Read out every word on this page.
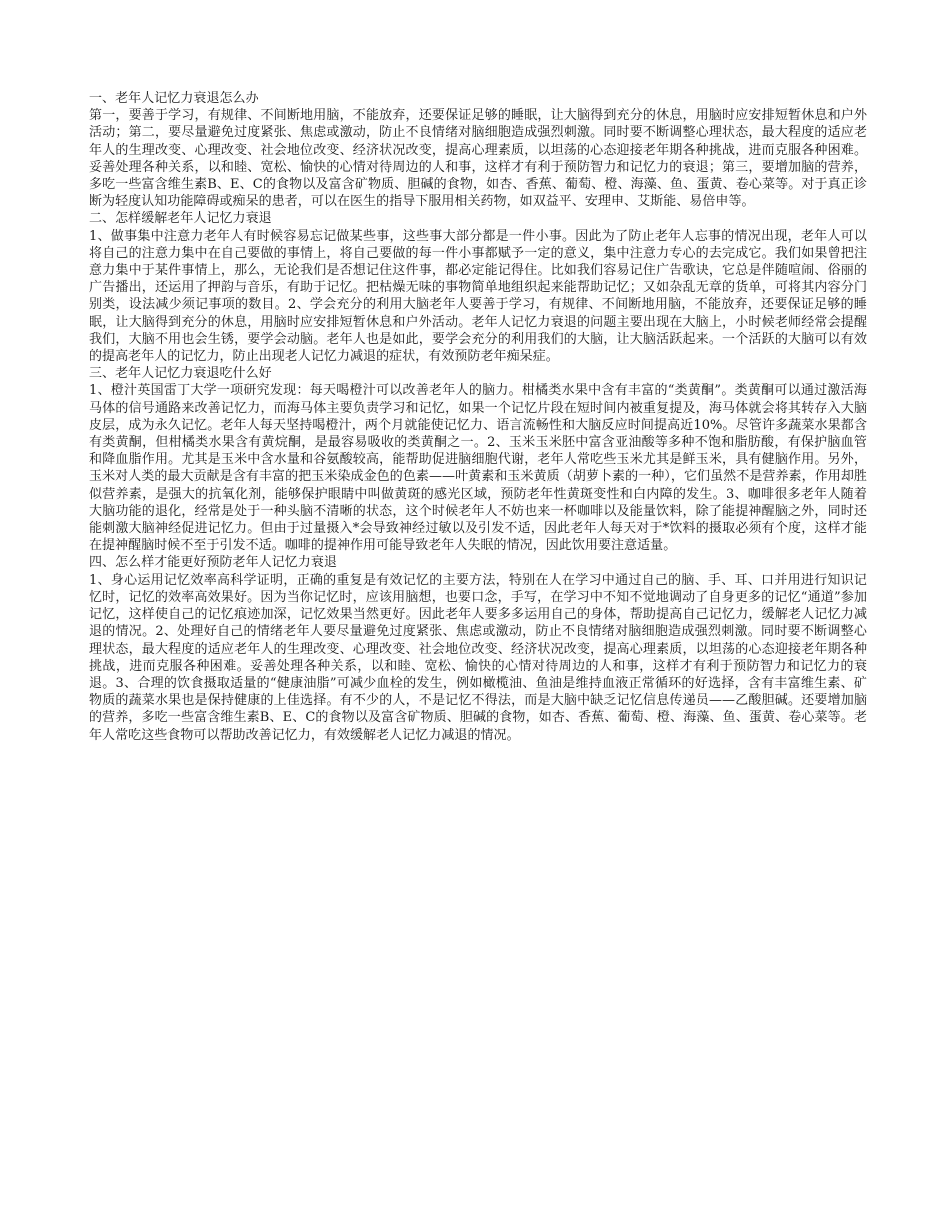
一、老年人记忆力衰退怎么办

第一，要善于学习，有规律、不间断地用脑，不能放弃，还要保证足够的睡眠，让大脑得到充分的休息，用脑时应安排短暂休息和户外活动；第二，要尽量避免过度紧张、焦虑或激动，防止不良情绪对脑细胞造成强烈刺激。同时要不断调整心理状态，最大程度的适应老年人的生理改变、心理改变、社会地位改变、经济状况改变，提高心理素质，以坦荡的心态迎接老年期各种挑战，进而克服各种困难。妥善处理各种关系，以和睦、宽松、愉快的心情对待周边的人和事，这样才有利于预防智力和记忆力的衰退；第三，要增加脑的营养，多吃一些富含维生素B、E、C的食物以及富含矿物质、胆碱的食物，如杏、香蕉、葡萄、橙、海藻、鱼、蛋黄、卷心菜等。对于真正诊断为轻度认知功能障碍或痴呆的患者，可以在医生的指导下服用相关药物，如双益平、安理申、艾斯能、易倍申等。

二、怎样缓解老年人记忆力衰退

1、做事集中注意力老年人有时候容易忘记做某些事，这些事大部分都是一件小事。因此为了防止老年人忘事的情况出现，老年人可以将自己的注意力集中在自己要做的事情上，将自己要做的每一件小事都赋予一定的意义，集中注意力专心的去完成它。我们如果曾把注意力集中于某件事情上，那么，无论我们是否想记住这件事，都必定能记得住。比如我们容易记住广告歌诀，它总是伴随喧闹、俗丽的广告播出，还运用了押韵与音乐，有助于记忆。把枯燥无味的事物简单地组织起来能帮助记忆；又如杂乱无章的货单，可将其内容分门别类，设法减少须记事项的数目。2、学会充分的利用大脑老年人要善于学习，有规律、不间断地用脑，不能放弃，还要保证足够的睡眠，让大脑得到充分的休息，用脑时应安排短暂休息和户外活动。老年人记忆力衰退的问题主要出现在大脑上，小时候老师经常会提醒我们，大脑不用也会生锈，要学会动脑。老年人也是如此，要学会充分的利用我们的大脑，让大脑活跃起来。一个活跃的大脑可以有效的提高老年人的记忆力，防止出现老人记忆力减退的症状，有效预防老年痴呆症。

三、老年人记忆力衰退吃什么好

1、橙汁英国雷丁大学一项研究发现：每天喝橙汁可以改善老年人的脑力。柑橘类水果中含有丰富的“类黄酮”。类黄酮可以通过激活海马体的信号通路来改善记忆力，而海马体主要负责学习和记忆，如果一个记忆片段在短时间内被重复提及，海马体就会将其转存入大脑皮层，成为永久记忆。老年人每天坚持喝橙汁，两个月就能使记忆力、语言流畅性和大脑反应时间提高近10%。尽管许多蔬菜水果都含有类黄酮，但柑橘类水果含有黄烷酮，是最容易吸收的类黄酮之一。2、玉米玉米胚中富含亚油酸等多种不饱和脂肪酸，有保护脑血管和降血脂作用。尤其是玉米中含水量和谷氨酸较高，能帮助促进脑细胞代谢，老年人常吃些玉米尤其是鲜玉米，具有健脑作用。另外，玉米对人类的最大贡献是含有丰富的把玉米染成金色的色素——叶黄素和玉米黄质（胡萝卜素的一种），它们虽然不是营养素，作用却胜似营养素，是强大的抗氧化剂，能够保护眼睛中叫做黄斑的感光区域，预防老年性黄斑变性和白内障的发生。3、咖啡很多老年人随着大脑功能的退化，经常是处于一种头脑不清晰的状态，这个时候老年人不妨也来一杯咖啡以及能量饮料，除了能提神醒脑之外，同时还能刺激大脑神经促进记忆力。但由于过量摄入*会导致神经过敏以及引发不适，因此老年人每天对于*饮料的摄取必须有个度，这样才能在提神醒脑时候不至于引发不适。咖啡的提神作用可能导致老年人失眠的情况，因此饮用要注意适量。

四、怎么样才能更好预防老年人记忆力衰退

1、身心运用记忆效率高科学证明，正确的重复是有效记忆的主要方法，特别在人在学习中通过自己的脑、手、耳、口并用进行知识记忆时，记忆的效率高效果好。因为当你记忆时，应该用脑想，也要口念，手写，在学习中不知不觉地调动了自身更多的记忆“通道”参加记忆，这样使自己的记忆痕迹加深，记忆效果当然更好。因此老年人要多多运用自己的身体，帮助提高自己记忆力，缓解老人记忆力减退的情况。2、处理好自己的情绪老年人要尽量避免过度紧张、焦虑或激动，防止不良情绪对脑细胞造成强烈刺激。同时要不断调整心理状态，最大程度的适应老年人的生理改变、心理改变、社会地位改变、经济状况改变，提高心理素质，以坦荡的心态迎接老年期各种挑战，进而克服各种困难。妥善处理各种关系，以和睦、宽松、愉快的心情对待周边的人和事，这样才有利于预防智力和记忆力的衰退。3、合理的饮食摄取适量的“健康油脂”可减少血栓的发生，例如橄榄油、鱼油是维持血液正常循环的好选择，含有丰富维生素、矿物质的蔬菜水果也是保持健康的上佳选择。有不少的人，不是记忆不得法，而是大脑中缺乏记忆信息传递员——乙酸胆碱。还要增加脑的营养，多吃一些富含维生素B、E、C的食物以及富含矿物质、胆碱的食物，如杏、香蕉、葡萄、橙、海藻、鱼、蛋黄、卷心菜等。老年人常吃这些食物可以帮助改善记忆力，有效缓解老人记忆力减退的情况。
